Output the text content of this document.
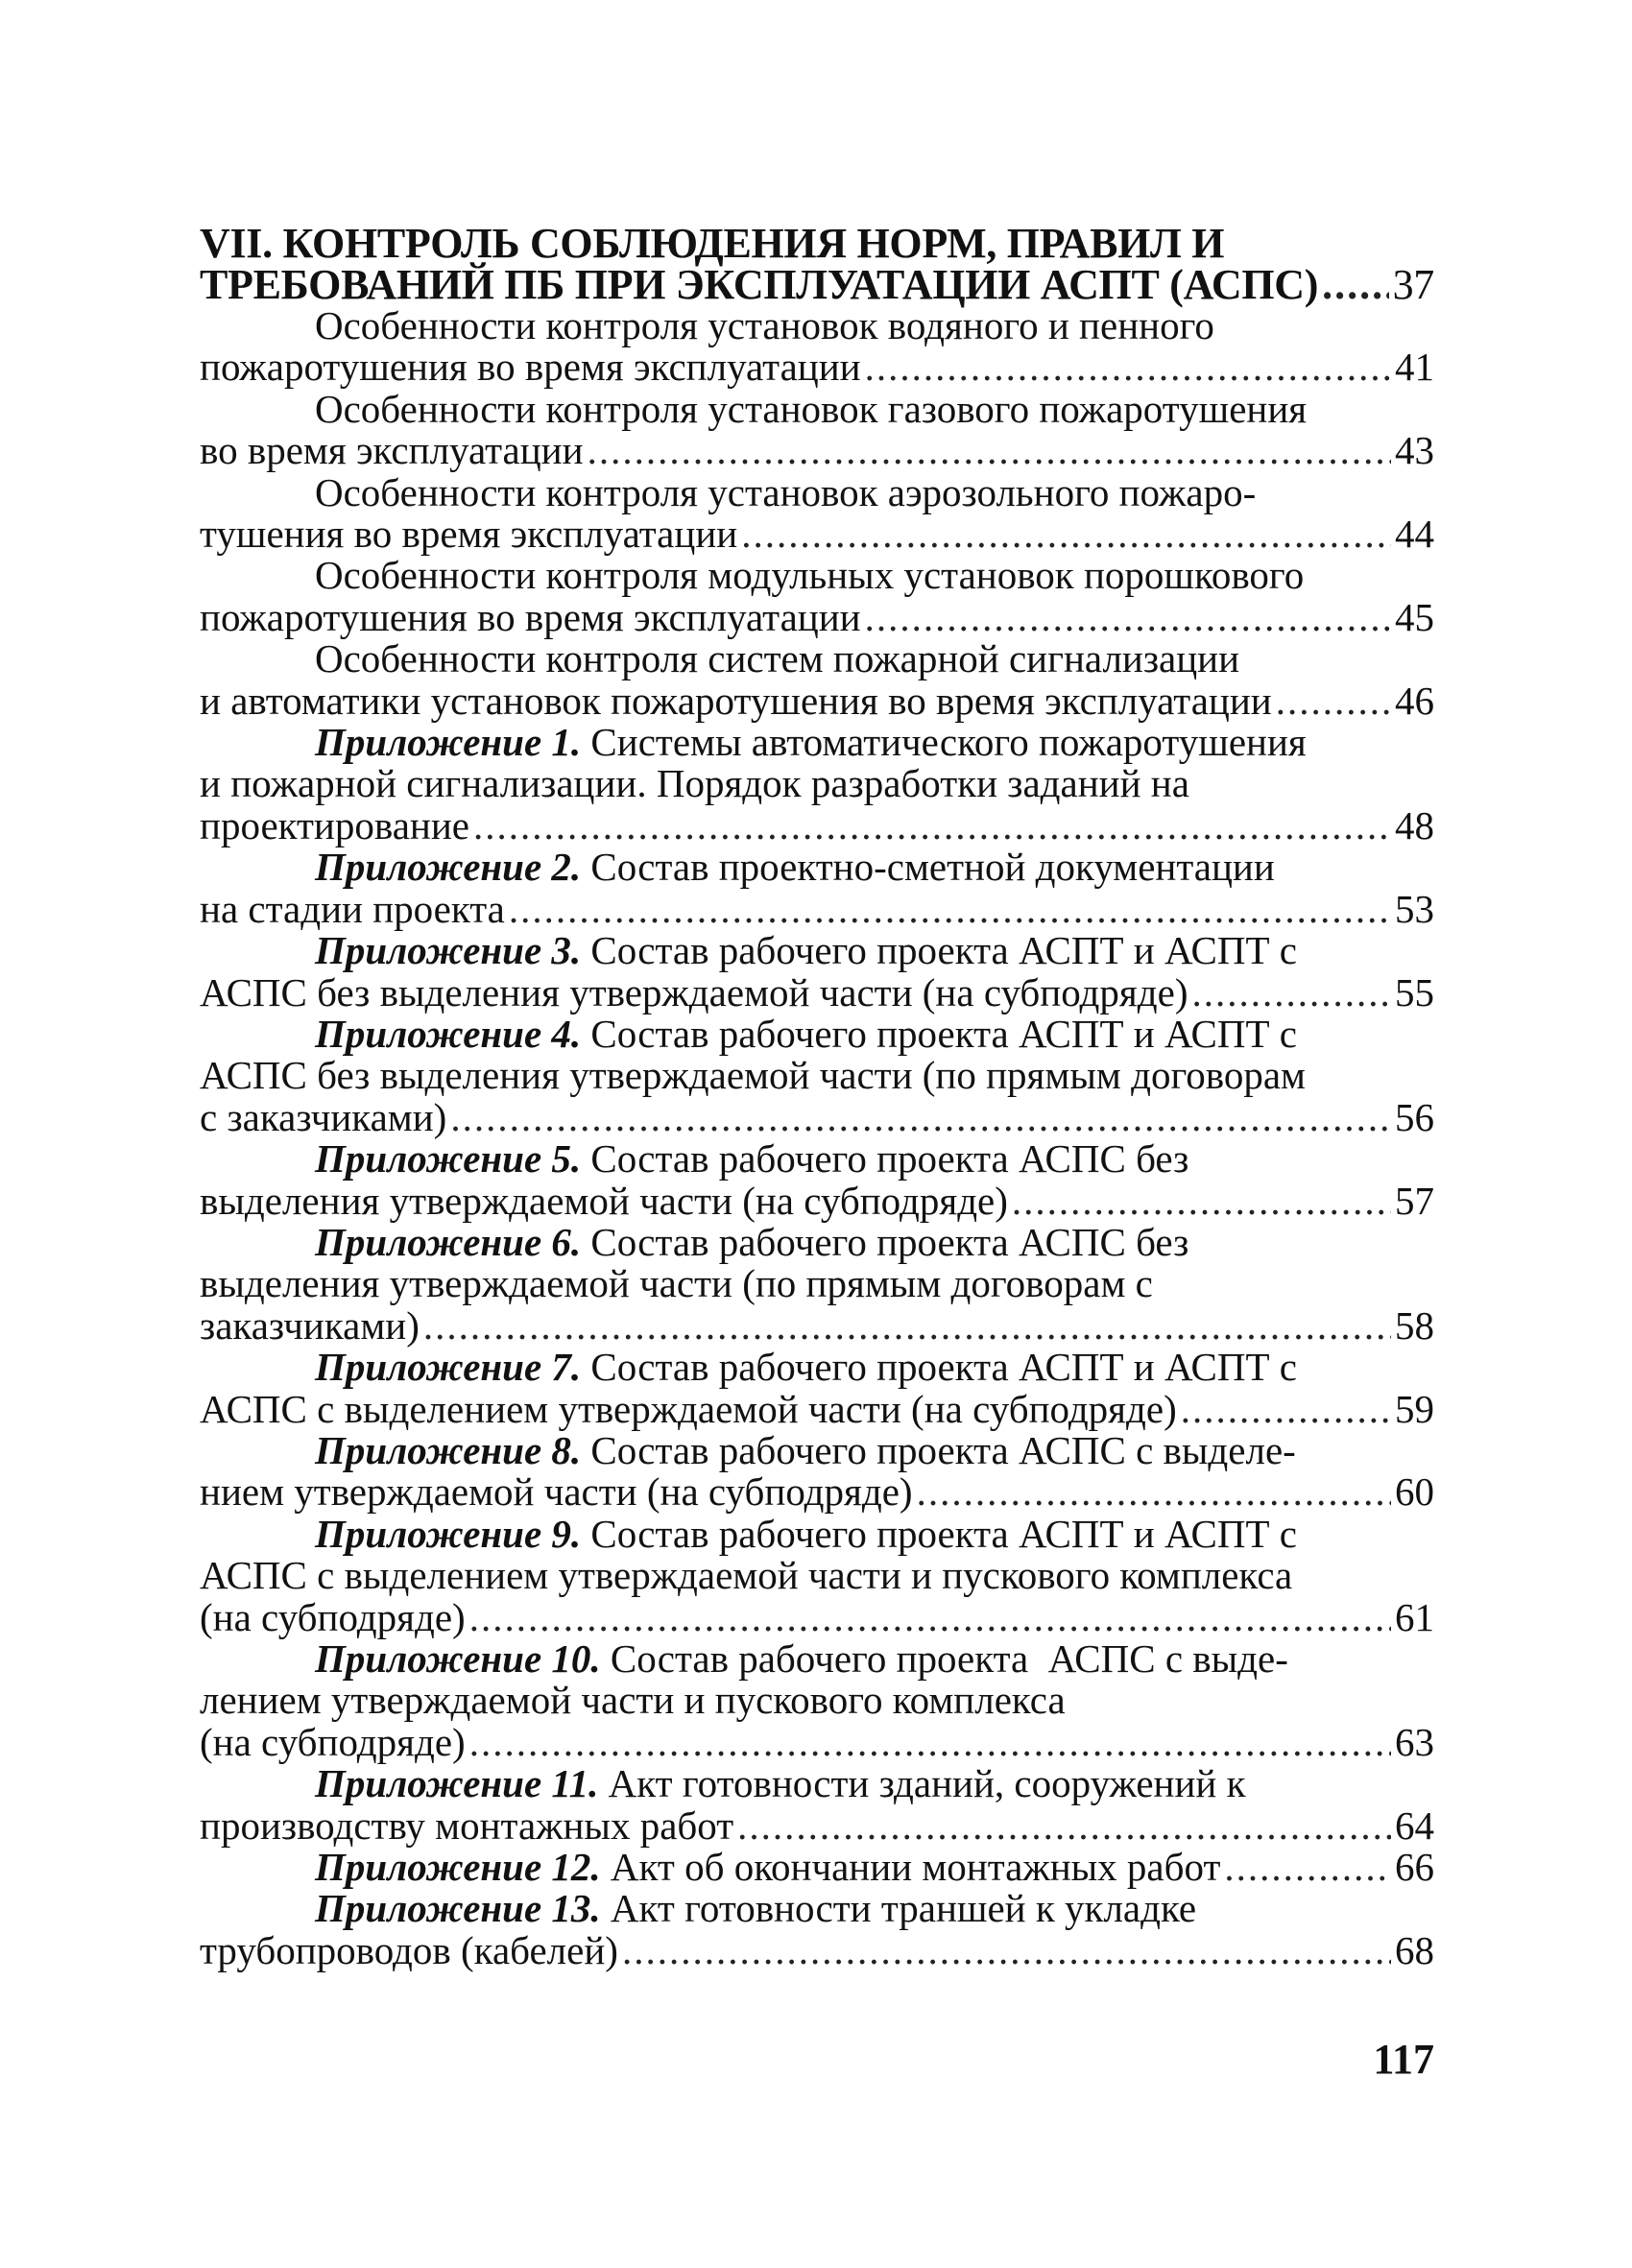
VII. КОНТРОЛЬ СОБЛЮДЕНИЯ НОРМ, ПРАВИЛ И
ТРЕБОВАНИЙ ПБ ПРИ ЭКСПЛУАТАЦИИ АСПТ (АСПС) ..... 37
Особенности контроля установок водяного и пенного
пожаротушения во время эксплуатации .....	41
Особенности контроля установок газового пожаротушения
во время эксплуатации .....	43
Особенности контроля установок аэрозольного пожаро-
тушения во время эксплуатации .....	44
Особенности контроля модульных установок порошкового
пожаротушения во время эксплуатации .....	45
Особенности контроля систем пожарной сигнализации
и автоматики установок пожаротушения во время эксплуатации .....	46
Приложение 1. Системы автоматического пожаротушения
и пожарной сигнализации. Порядок разработки заданий на
проектирование .....	48
Приложение 2. Состав проектно-сметной документации
на стадии проекта .....	53
Приложение 3. Состав рабочего проекта АСПТ и АСПТ с
АСПС без выделения утверждаемой части (на субподряде) .....	55
Приложение 4. Состав рабочего проекта АСПТ и АСПТ с
АСПС без выделения утверждаемой части (по прямым договорам
с заказчиками) .....	56
Приложение 5. Состав рабочего проекта АСПС без
выделения утверждаемой части (на субподряде) .....	57
Приложение 6. Состав рабочего проекта АСПС без
выделения утверждаемой части (по прямым договорам с
заказчиками) .....	58
Приложение 7. Состав рабочего проекта АСПТ и АСПТ с
АСПС с выделением утверждаемой части (на субподряде) .....	59
Приложение 8. Состав рабочего проекта АСПС с выделе-
нием утверждаемой части (на субподряде) .....	60
Приложение 9. Состав рабочего проекта АСПТ и АСПТ с
АСПС с выделением утверждаемой части и пускового комплекса
(на субподряде) .....	61
Приложение 10. Состав рабочего проекта  АСПС с выде-
лением утверждаемой части и пускового комплекса
(на субподряде) .....	63
Приложение 11. Акт готовности зданий, сооружений к
производству монтажных работ .....	64
Приложение 12. Акт об окончании монтажных работ .....	66
Приложение 13. Акт готовности траншей к укладке
трубопроводов (кабелей) .....	68
117
